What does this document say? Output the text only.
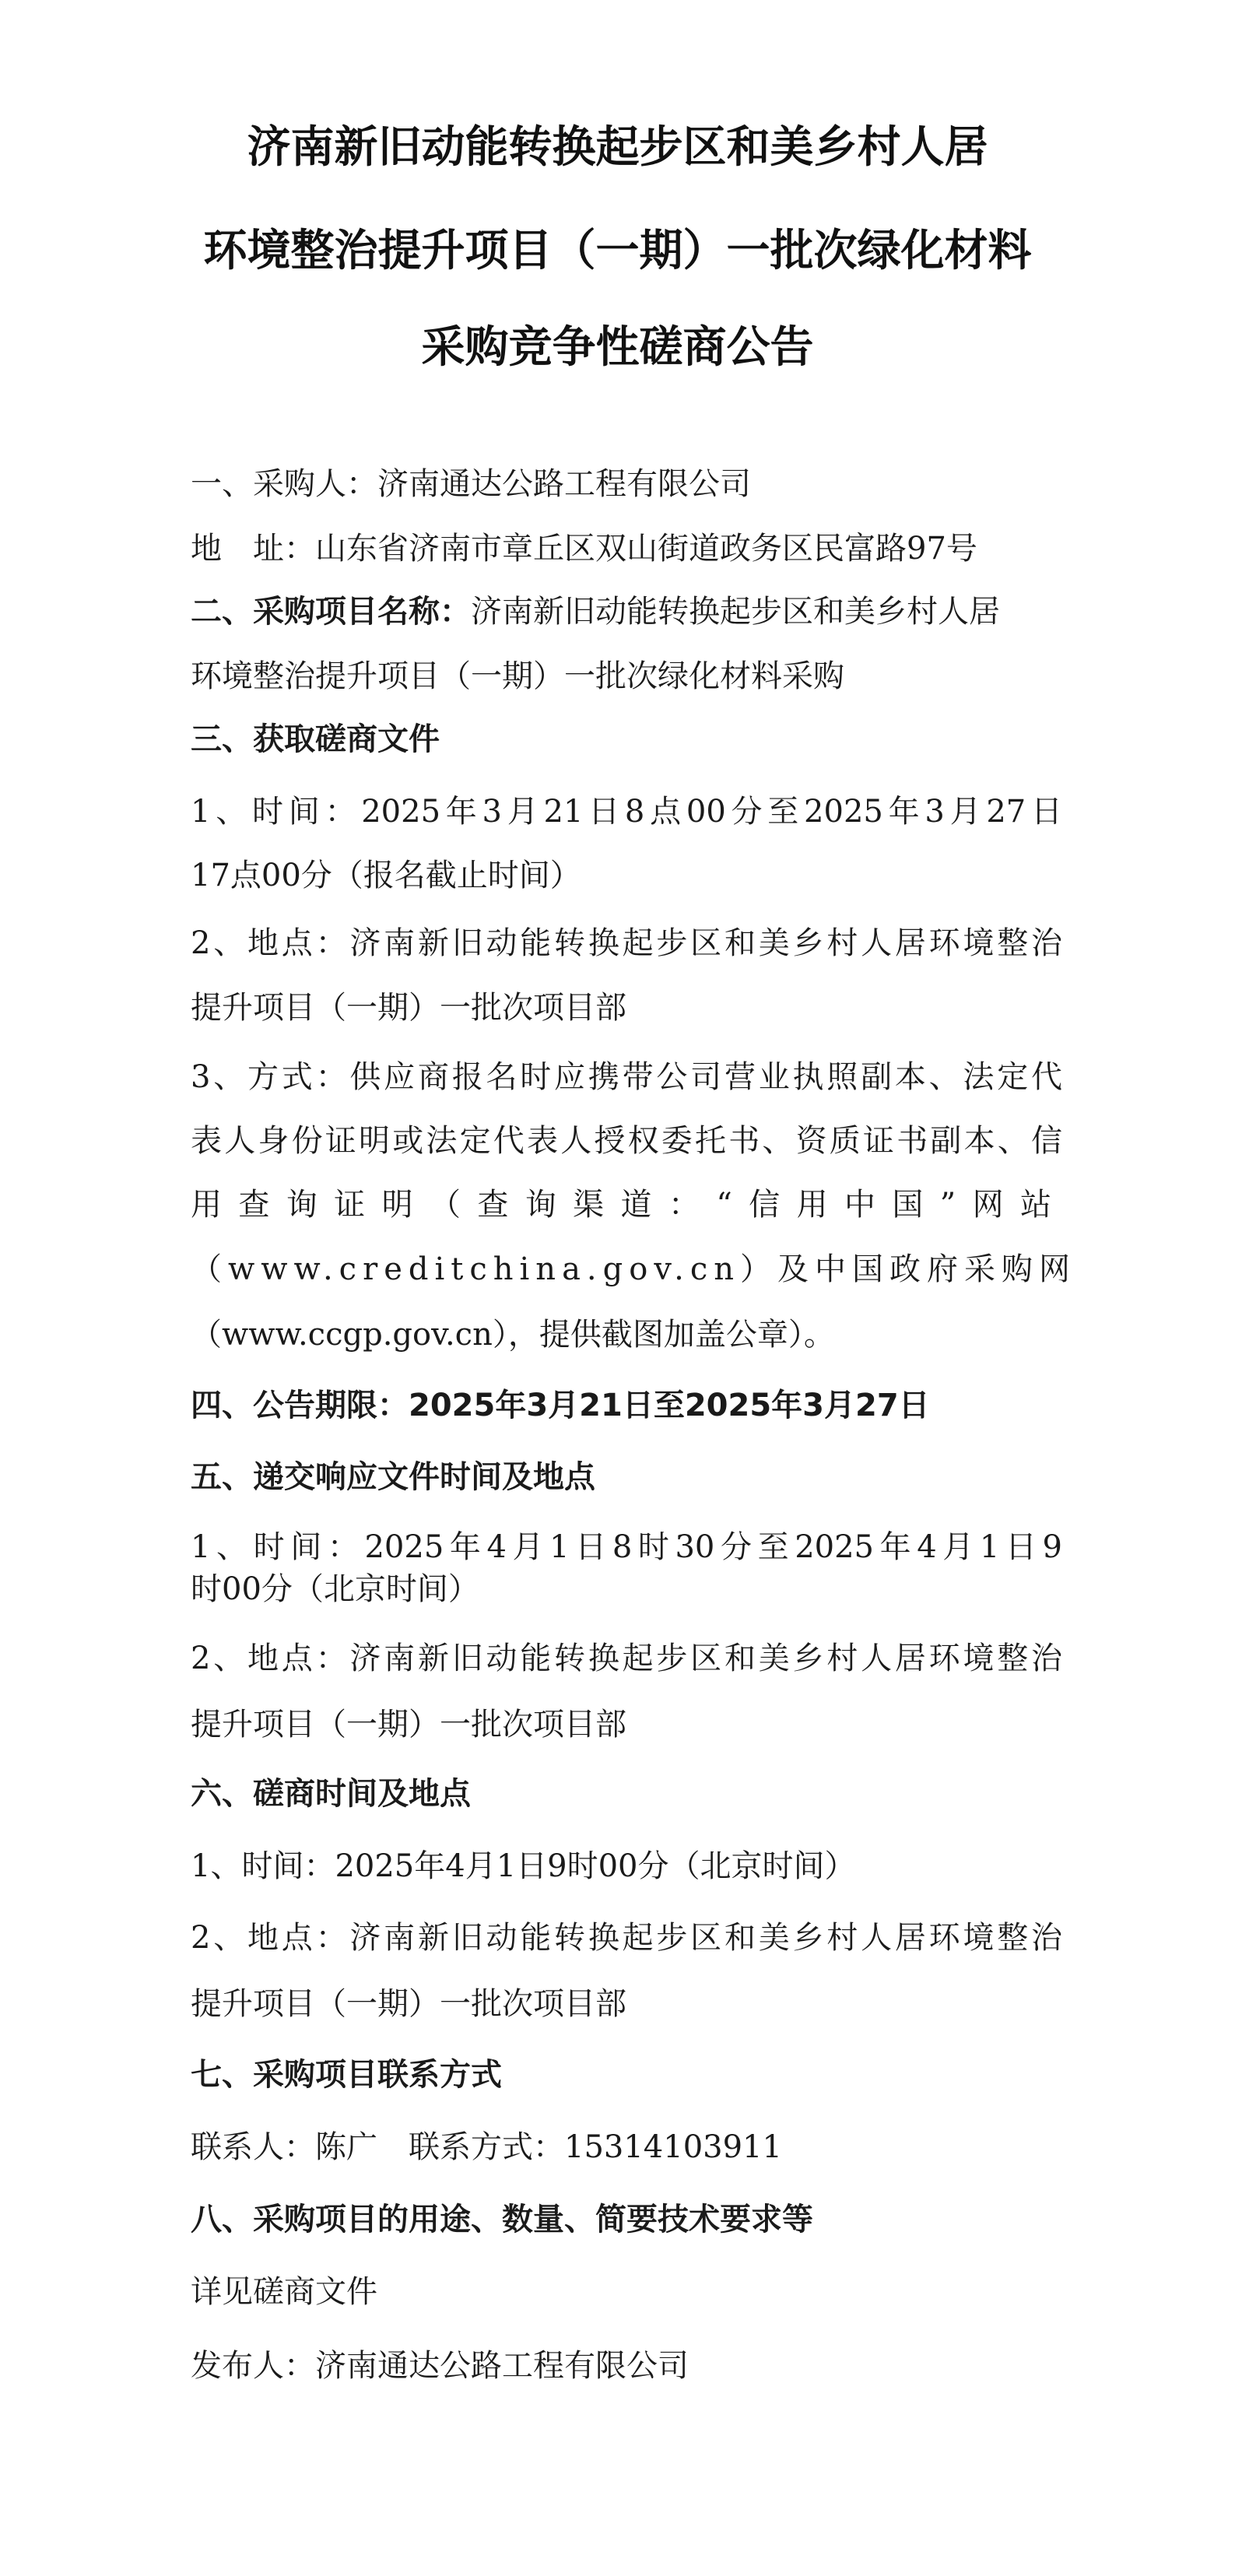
济南新旧动能转换起步区和美乡村人居
环境整治提升项目（一期）一批次绿化材料
采购竞争性磋商公告
一、采购人：济南通达公路工程有限公司
地　址：山东省济南市章丘区双山街道政务区民富路97号
二、采购项目名称：济南新旧动能转换起步区和美乡村人居
环境整治提升项目（一期）一批次绿化材料采购
三、获取磋商文件
1、时间：2025年3月21日8点00分至2025年3月27日
17点00分（报名截止时间）
2、地点：济南新旧动能转换起步区和美乡村人居环境整治
提升项目（一期）一批次项目部
3、方式：供应商报名时应携带公司营业执照副本、法定代
表人身份证明或法定代表人授权委托书、资质证书副本、信
用查询证明（查询渠道：“信用中国”网站
（www.creditchina.gov.cn）及中国政府采购网
（www.ccgp.gov.cn），提供截图加盖公章）。
四、公告期限：2025年3月21日至2025年3月27日
五、递交响应文件时间及地点
1、时间：2025年4月1日8时30分至2025年4月1日9
时00分（北京时间）
2、地点：济南新旧动能转换起步区和美乡村人居环境整治
提升项目（一期）一批次项目部
六、磋商时间及地点
1、时间：2025年4月1日9时00分（北京时间）
2、地点：济南新旧动能转换起步区和美乡村人居环境整治
提升项目（一期）一批次项目部
七、采购项目联系方式
联系人：陈广　联系方式：15314103911
八、采购项目的用途、数量、简要技术要求等
详见磋商文件
发布人：济南通达公路工程有限公司
